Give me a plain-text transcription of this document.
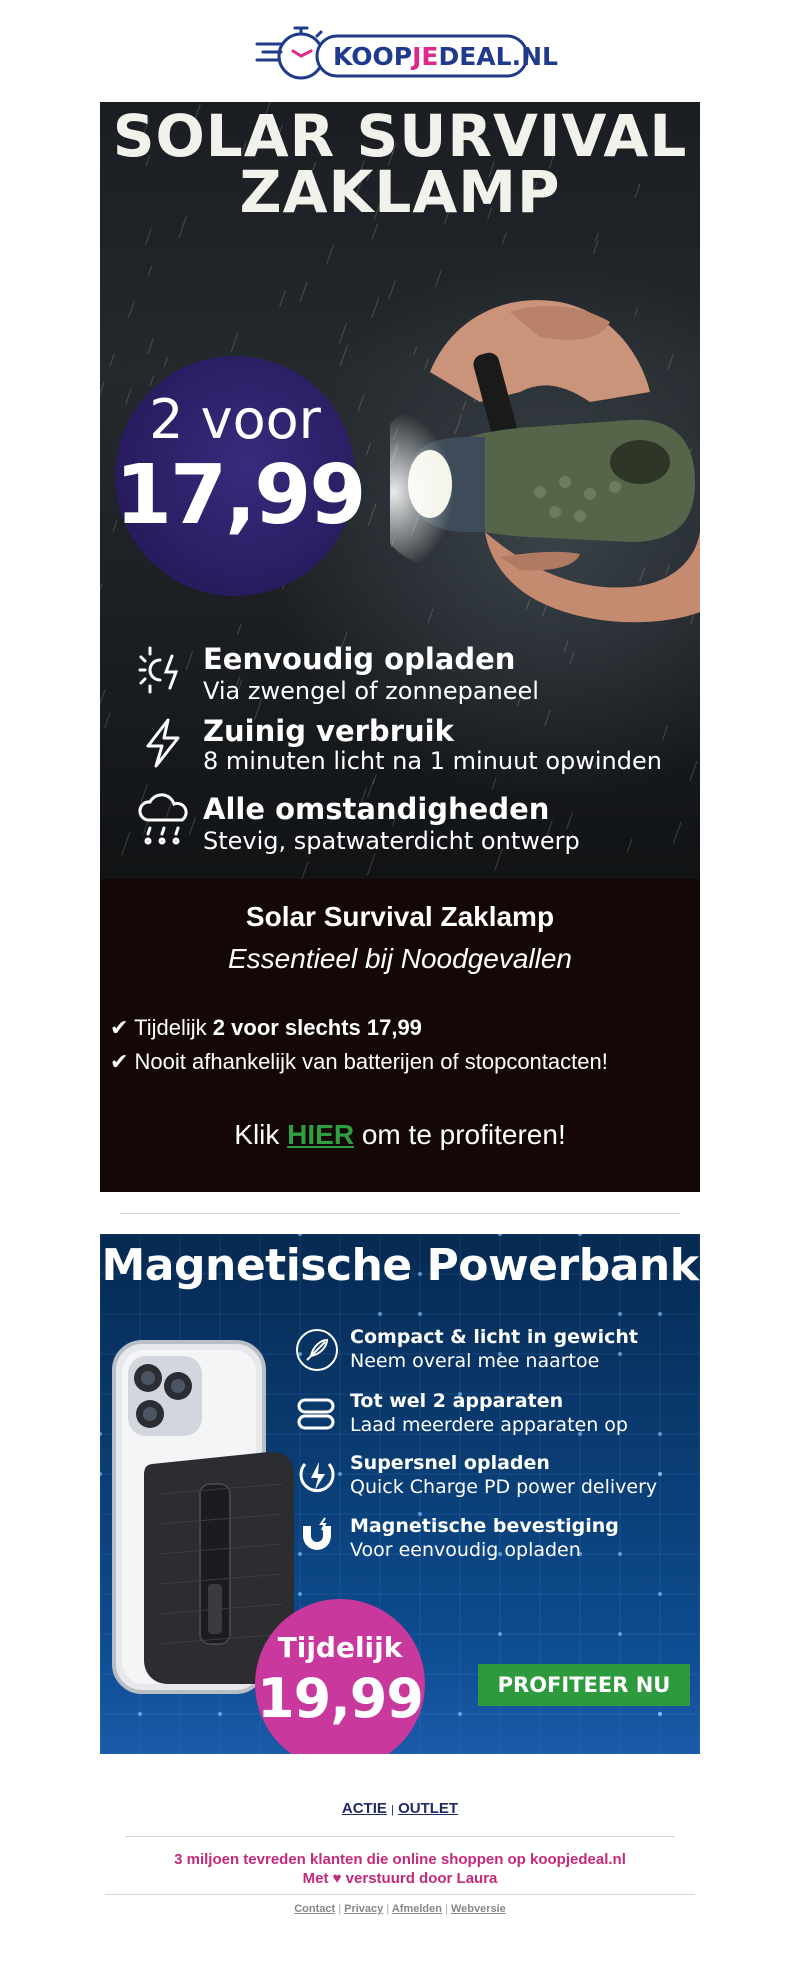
KOOPJEDEAL.NL
SOLAR SURVIVAL
ZAKLAMP
2 voor
17,99
Eenvoudig opladen
Via zwengel of zonnepaneel
Zuinig verbruik
8 minuten licht na 1 minuut opwinden
Alle omstandigheden
Stevig, spatwaterdicht ontwerp
Solar Survival Zaklamp
Essentieel bij Noodgevallen
✔ Tijdelijk 2 voor slechts 17,99
✔ Nooit afhankelijk van batterijen of stopcontacten!
Klik HIER om te profiteren!
Magnetische Powerbank
Compact & licht in gewicht
Neem overal mee naartoe
Tot wel 2 apparaten
Laad meerdere apparaten op
Supersnel opladen
Quick Charge PD power delivery
Magnetische bevestiging
Voor eenvoudig opladen
Tijdelijk
19,99	PROFITEER NU
ACTIE | OUTLET
3 miljoen tevreden klanten die online shoppen op koopjedeal.nl
Met ♥ verstuurd door Laura
Contact | Privacy | Afmelden | Webversie
